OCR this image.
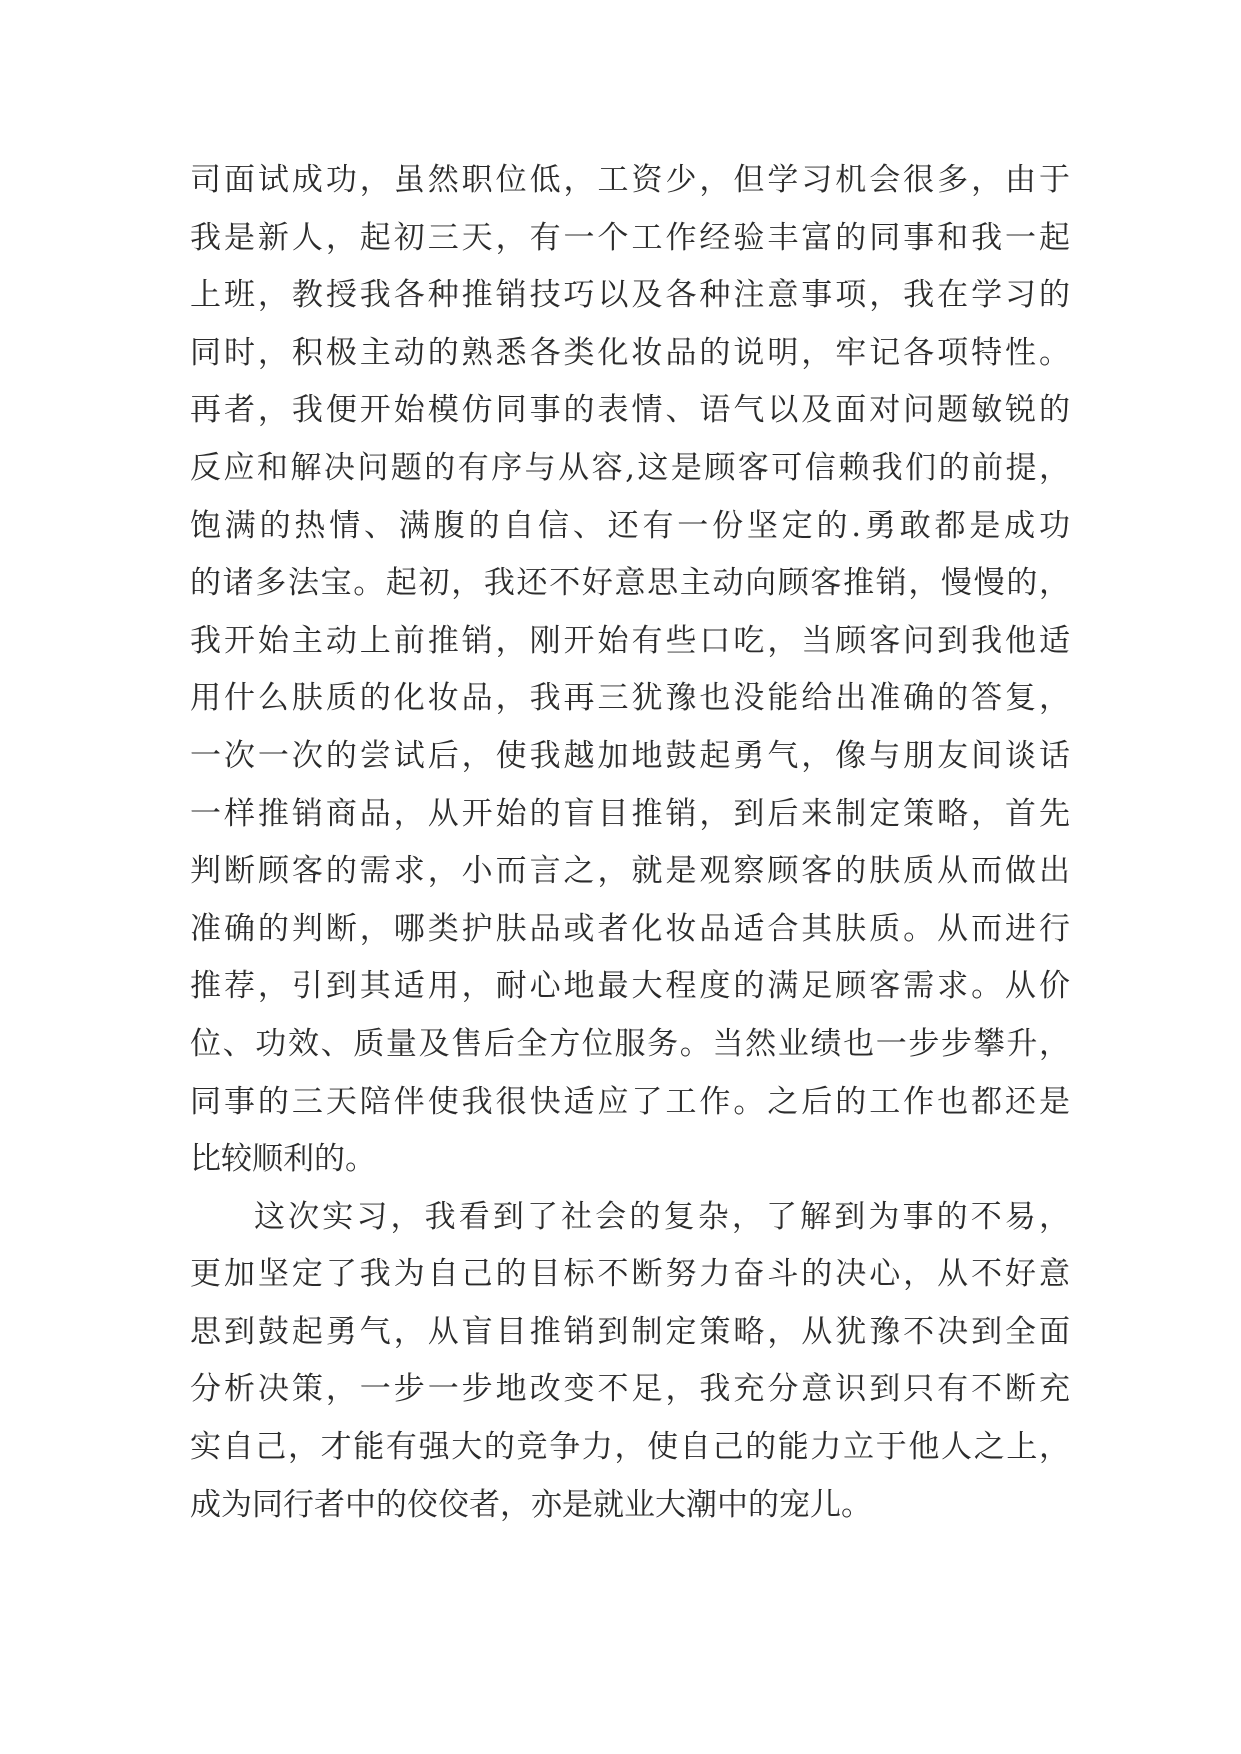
司面试成功，虽然职位低，工资少，但学习机会很多，由于
我是新人，起初三天，有一个工作经验丰富的同事和我一起
上班，教授我各种推销技巧以及各种注意事项，我在学习的
同时，积极主动的熟悉各类化妆品的说明，牢记各项特性。
再者，我便开始模仿同事的表情、语气以及面对问题敏锐的
反应和解决问题的有序与从容,这是顾客可信赖我们的前提，
饱满的热情、满腹的自信、还有一份坚定的.勇敢都是成功
的诸多法宝。起初，我还不好意思主动向顾客推销，慢慢的，
我开始主动上前推销，刚开始有些口吃，当顾客问到我他适
用什么肤质的化妆品，我再三犹豫也没能给出准确的答复，
一次一次的尝试后，使我越加地鼓起勇气，像与朋友间谈话
一样推销商品，从开始的盲目推销，到后来制定策略，首先
判断顾客的需求，小而言之，就是观察顾客的肤质从而做出
准确的判断，哪类护肤品或者化妆品适合其肤质。从而进行
推荐，引到其适用，耐心地最大程度的满足顾客需求。从价
位、功效、质量及售后全方位服务。当然业绩也一步步攀升，
同事的三天陪伴使我很快适应了工作。之后的工作也都还是
比较顺利的。
这次实习，我看到了社会的复杂，了解到为事的不易，
更加坚定了我为自己的目标不断努力奋斗的决心，从不好意
思到鼓起勇气，从盲目推销到制定策略，从犹豫不决到全面
分析决策，一步一步地改变不足，我充分意识到只有不断充
实自己，才能有强大的竞争力，使自己的能力立于他人之上，
成为同行者中的佼佼者，亦是就业大潮中的宠儿。
